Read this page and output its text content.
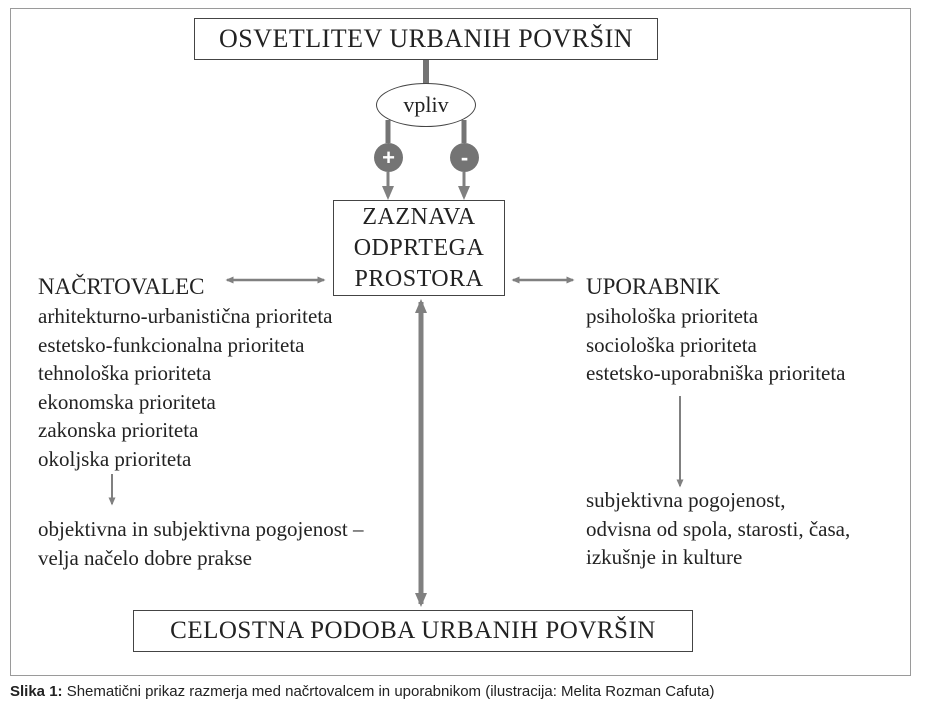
OSVETLITEV URBANIH POVRŠIN
vpliv
+	-
ZAZNAVA
ODPRTEGA
PROSTORA
CELOSTNA PODOBA URBANIH POVRŠIN
NAČRTOVALEC
arhitekturno-urbanistična prioriteta
estetsko-funkcionalna prioriteta
tehnološka prioriteta
ekonomska prioriteta
zakonska prioriteta
okoljska prioriteta
objektivna in subjektivna pogojenost –
velja načelo dobre prakse
UPORABNIK
psihološka prioriteta
sociološka prioriteta
estetsko-uporabniška prioriteta
subjektivna pogojenost,
odvisna od spola, starosti, časa,
izkušnje in kulture
Slika 1: Shematični prikaz razmerja med načrtovalcem in uporabnikom (ilustracija: Melita Rozman Cafuta)
